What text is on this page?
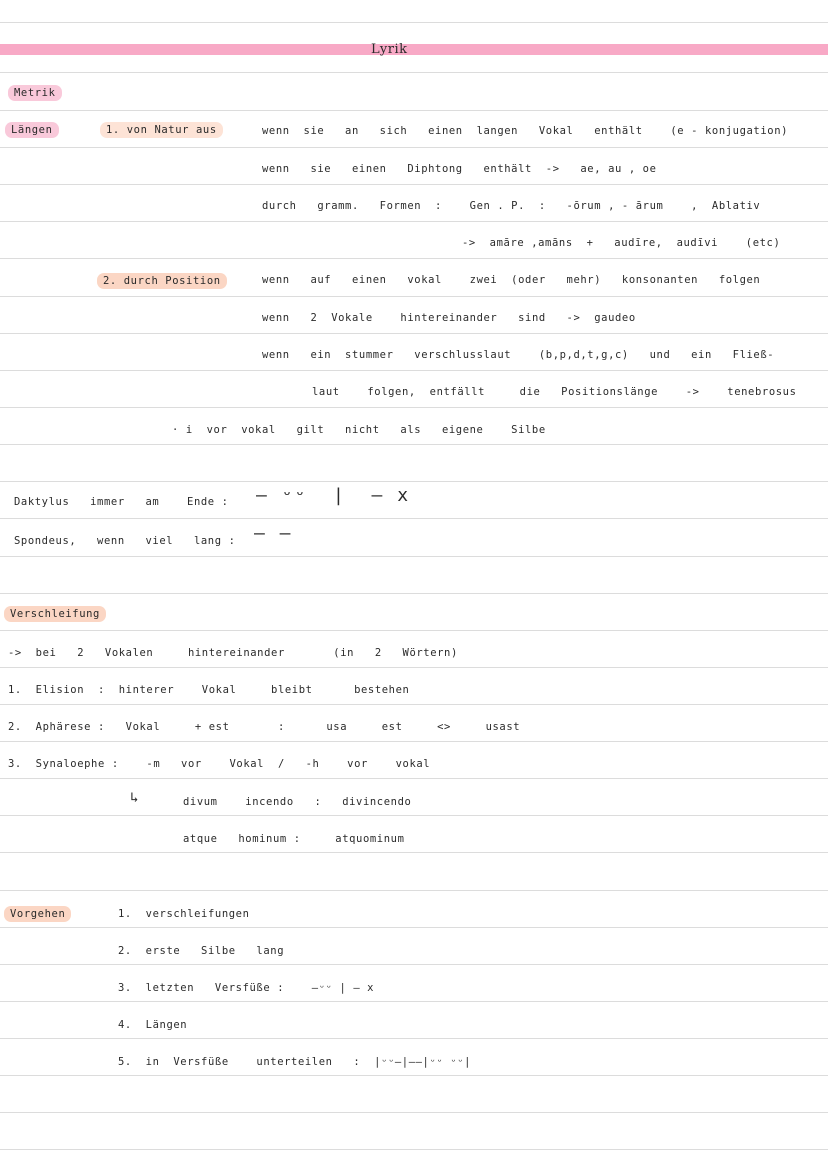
Lyrik
Metrik
Längen	1. von Natur aus	wenn  sie   an   sich   einen  langen   Vokal   enthält    (e - konjugation)
wenn   sie   einen   Diphtong   enthält  ->   ae, au , oe
durch   gramm.   Formen  :    Gen . P.  :   -ōrum , - ārum    ,  Ablativ
->  amāre ,amāns  +   audīre,  audīvi    (etc)
2. durch Position	wenn   auf   einen   vokal    zwei  (oder   mehr)   konsonanten   folgen
wenn   2  Vokale    hintereinander   sind   ->  gaudeo
wenn   ein  stummer   verschlusslaut    (b,p,d,t,g,c)   und   ein   Fließ-
laut    folgen,  entfällt     die   Positionslänge    ->    tenebrosus
· i  vor  vokal   gilt   nicht   als   eigene    Silbe
Daktylus   immer   am    Ende : — ᵕᵕ  |  — x
Spondeus,   wenn   viel   lang : — —
Verschleifung
->  bei   2   Vokalen     hintereinander       (in   2   Wörtern)
1.  Elision  :  hinterer    Vokal     bleibt      bestehen
2.  Aphärese :   Vokal     + est       :      usa     est     <>     usast
3.  Synaloephe :    -m   vor    Vokal  /   -h    vor    vokal
↳	divum    incendo   :   divincendo
atque   hominum :     atquominum
Vorgehen	1.  verschleifungen
2.  erste   Silbe   lang
3.  letzten   Versfüße :    —ᵕᵕ | — x
4.  Längen
5.  in  Versfüße    unterteilen   :  |ᵕᵕ—|——|ᵕᵕ ᵕᵕ|
